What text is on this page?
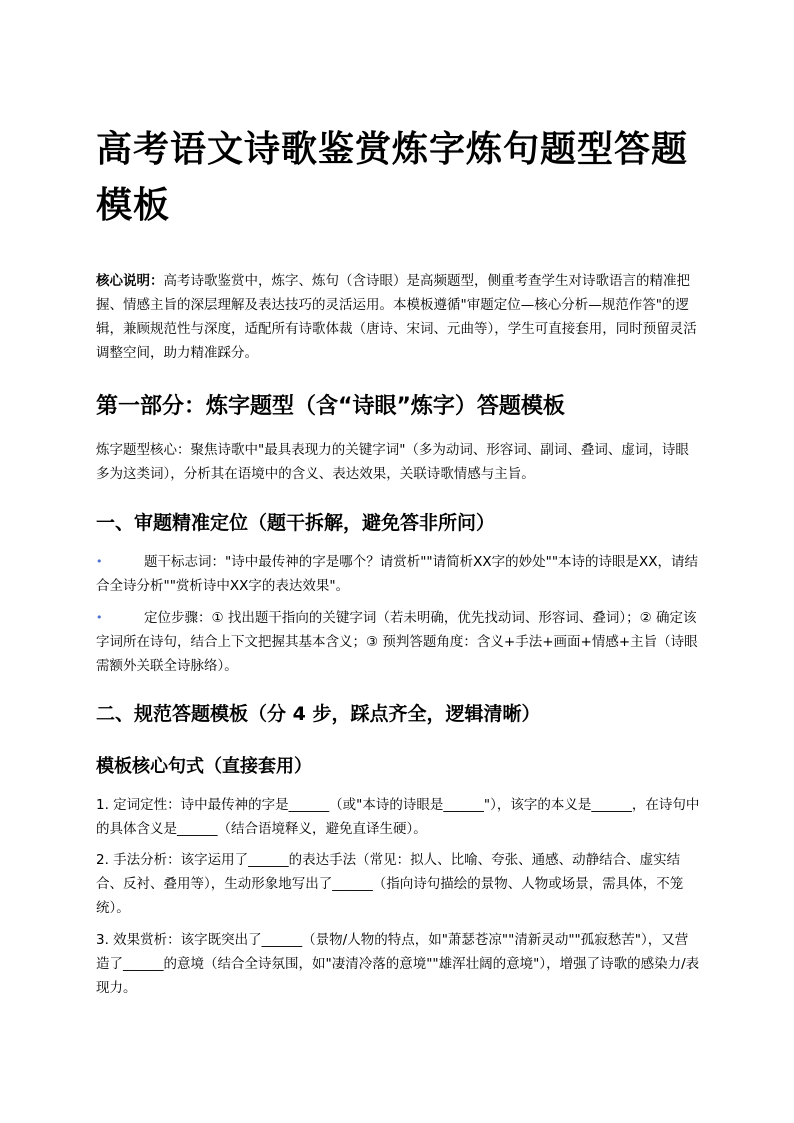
高考语文诗歌鉴赏炼字炼句题型答题模板

核心说明：高考诗歌鉴赏中，炼字、炼句（含诗眼）是高频题型，侧重考查学生对诗歌语言的精准把握、情感主旨的深层理解及表达技巧的灵活运用。本模板遵循"审题定位—核心分析—规范作答"的逻辑，兼顾规范性与深度，适配所有诗歌体裁（唐诗、宋词、元曲等），学生可直接套用，同时预留灵活调整空间，助力精准踩分。

第一部分：炼字题型（含“诗眼”炼字）答题模板

炼字题型核心：聚焦诗歌中"最具表现力的关键字词"（多为动词、形容词、副词、叠词、虚词，诗眼多为这类词），分析其在语境中的含义、表达效果，关联诗歌情感与主旨。

一、审题精准定位（题干拆解，避免答非所问）
•	题干标志词："诗中最传神的字是哪个？请赏析""请简析XX字的妙处""本诗的诗眼是XX，请结合全诗分析""赏析诗中XX字的表达效果"。
•	定位步骤：① 找出题干指向的关键字词（若未明确，优先找动词、形容词、叠词）；② 确定该字词所在诗句，结合上下文把握其基本含义；③ 预判答题角度：含义+手法+画面+情感+主旨（诗眼需额外关联全诗脉络）。
二、规范答题模板（分 4 步，踩点齐全，逻辑清晰）
模板核心句式（直接套用）

1. 定词定性：诗中最传神的字是______（或"本诗的诗眼是______"），该字的本义是______，在诗句中的具体含义是______（结合语境释义，避免直译生硬）。

2. 手法分析：该字运用了______的表达手法（常见：拟人、比喻、夸张、通感、动静结合、虚实结合、反衬、叠用等），生动形象地写出了______（指向诗句描绘的景物、人物或场景，需具体，不笼统）。

3. 效果赏析：该字既突出了______（景物/人物的特点，如"萧瑟苍凉""清新灵动""孤寂愁苦"），又营造了______的意境（结合全诗氛围，如"凄清冷落的意境""雄浑壮阔的意境"），增强了诗歌的感染力/表现力。
